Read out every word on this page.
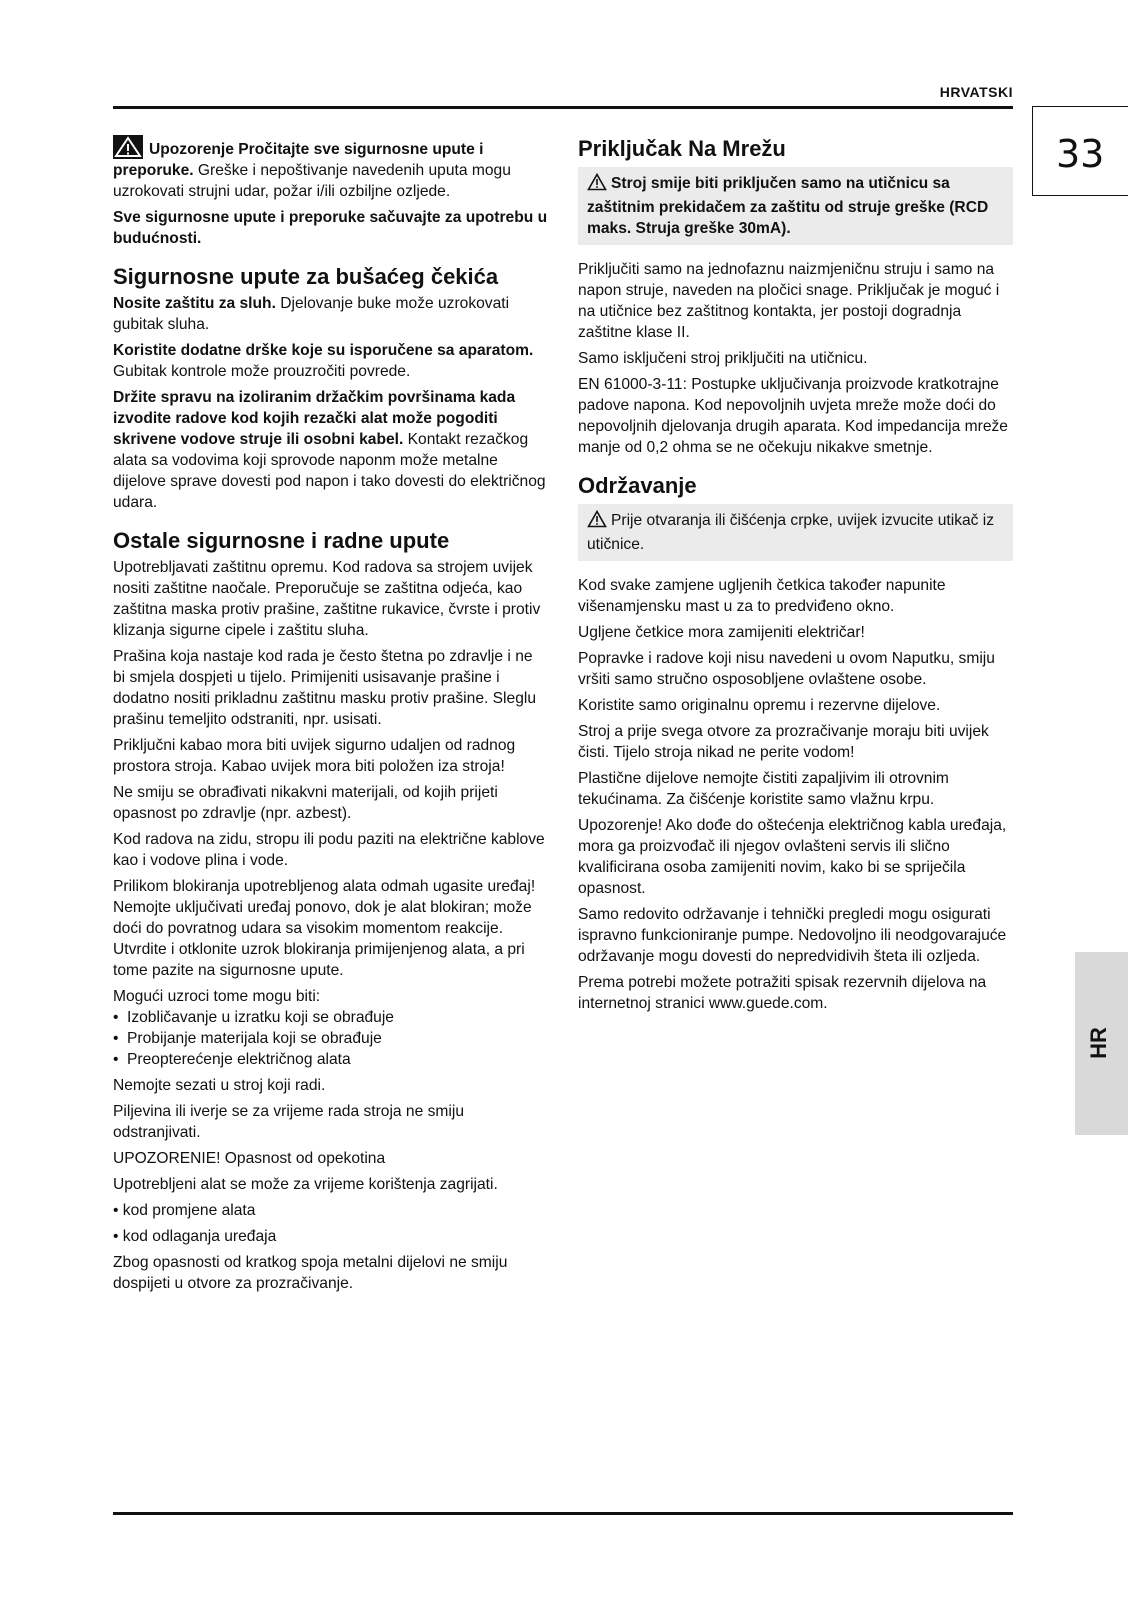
HRVATSKI
33
HR

Upozorenje Pročitajte sve sigurnosne upute i preporuke. Greške i nepoštivanje navedenih uputa mogu uzrokovati strujni udar, požar i/ili ozbiljne ozljede.

Sve sigurnosne upute i preporuke sačuvajte za upotrebu u budućnosti.

Sigurnosne upute za bušaćeg čekića

Nosite zaštitu za sluh. Djelovanje buke može uzrokovati gubitak sluha.

Koristite dodatne drške koje su isporučene sa aparatom. Gubitak kontrole može prouzročiti povrede.

Držite spravu na izoliranim držačkim površinama kada izvodite radove kod kojih rezački alat može pogoditi skrivene vodove struje ili osobni kabel. Kontakt rezačkog alata sa vodovima koji sprovode naponm može metalne dijelove sprave dovesti pod napon i tako dovesti do električnog udara.

Ostale sigurnosne i radne upute

Upotrebljavati zaštitnu opremu. Kod radova sa strojem uvijek nositi zaštitne naočale. Preporučuje se zaštitna odjeća, kao zaštitna maska protiv prašine, zaštitne rukavice, čvrste i protiv klizanja sigurne cipele i zaštitu sluha.

Prašina koja nastaje kod rada je često štetna po zdravlje i ne bi smjela dospjeti u tijelo. Primijeniti usisavanje prašine i dodatno nositi prikladnu zaštitnu masku protiv prašine. Sleglu prašinu temeljito odstraniti, npr. usisati.

Priključni kabao mora biti uvijek sigurno udaljen od radnog prostora stroja. Kabao uvijek mora biti položen iza stroja!

Ne smiju se obrađivati nikakvni materijali, od kojih prijeti opasnost po zdravlje (npr. azbest).

Kod radova na zidu, stropu ili podu paziti na električne kablove kao i vodove plina i vode.

Prilikom blokiranja upotrebljenog alata odmah ugasite uređaj! Nemojte uključivati uređaj ponovo, dok je alat blokiran; može doći do povratnog udara sa visokim momentom reakcije. Utvrdite i otklonite uzrok blokiranja primijenjenog alata, a pri tome pazite na sigurnosne upute.

Mogući uzroci tome mogu biti:

• Izobličavanje u izratku koji se obrađuje
• Probijanje materijala koji se obrađuje
• Preopterećenje električnog alata

Nemojte sezati u stroj koji radi.

Piljevina ili iverje se za vrijeme rada stroja ne smiju odstranjivati.

UPOZORENIE! Opasnost od opekotina

Upotrebljeni alat se može za vrijeme korištenja zagrijati.

• kod promjene alata

• kod odlaganja uređaja

Zbog opasnosti od kratkog spoja metalni dijelovi ne smiju dospijeti u otvore za prozračivanje.

Priključak Na Mrežu
Stroj smije biti priključen samo na utičnicu sa zaštitnim prekidačem za zaštitu od struje greške (RCD maks. Struja greške 30mA).

Priključiti samo na jednofaznu naizmjeničnu struju i samo na napon struje, naveden na pločici snage. Priključak je moguć i na utičnice bez zaštitnog kontakta, jer postoji dogradnja zaštitne klase II.

Samo isključeni stroj priključiti na utičnicu.

EN 61000-3-11: Postupke uključivanja proizvode kratkotrajne padove napona. Kod nepovoljnih uvjeta mreže može doći do nepovoljnih djelovanja drugih aparata. Kod impedancija mreže manje od 0,2 ohma se ne očekuju nikakve smetnje.

Održavanje
Prije otvaranja ili čišćenja crpke, uvijek izvucite utikač iz utičnice.

Kod svake zamjene ugljenih četkica također napunite višenamjensku mast u za to predviđeno okno.

Ugljene četkice mora zamijeniti električar!

Popravke i radove koji nisu navedeni u ovom Naputku, smiju vršiti samo stručno osposobljene ovlaštene osobe.

Koristite samo originalnu opremu i rezervne dijelove.

Stroj a prije svega otvore za prozračivanje moraju biti uvijek čisti. Tijelo stroja nikad ne perite vodom!

Plastične dijelove nemojte čistiti zapaljivim ili otrovnim tekućinama. Za čišćenje koristite samo vlažnu krpu.

Upozorenje! Ako dođe do oštećenja električnog kabla uređaja, mora ga proizvođač ili njegov ovlašteni servis ili slično kvalificirana osoba zamijeniti novim, kako bi se spriječila opasnost.

Samo redovito održavanje i tehnički pregledi mogu osigurati ispravno funkcioniranje pumpe. Nedovoljno ili neodgovarajuće održavanje mogu dovesti do nepredvidivih šteta ili ozljeda.

Prema potrebi možete potražiti spisak rezervnih dijelova na internetnoj stranici www.guede.com.
